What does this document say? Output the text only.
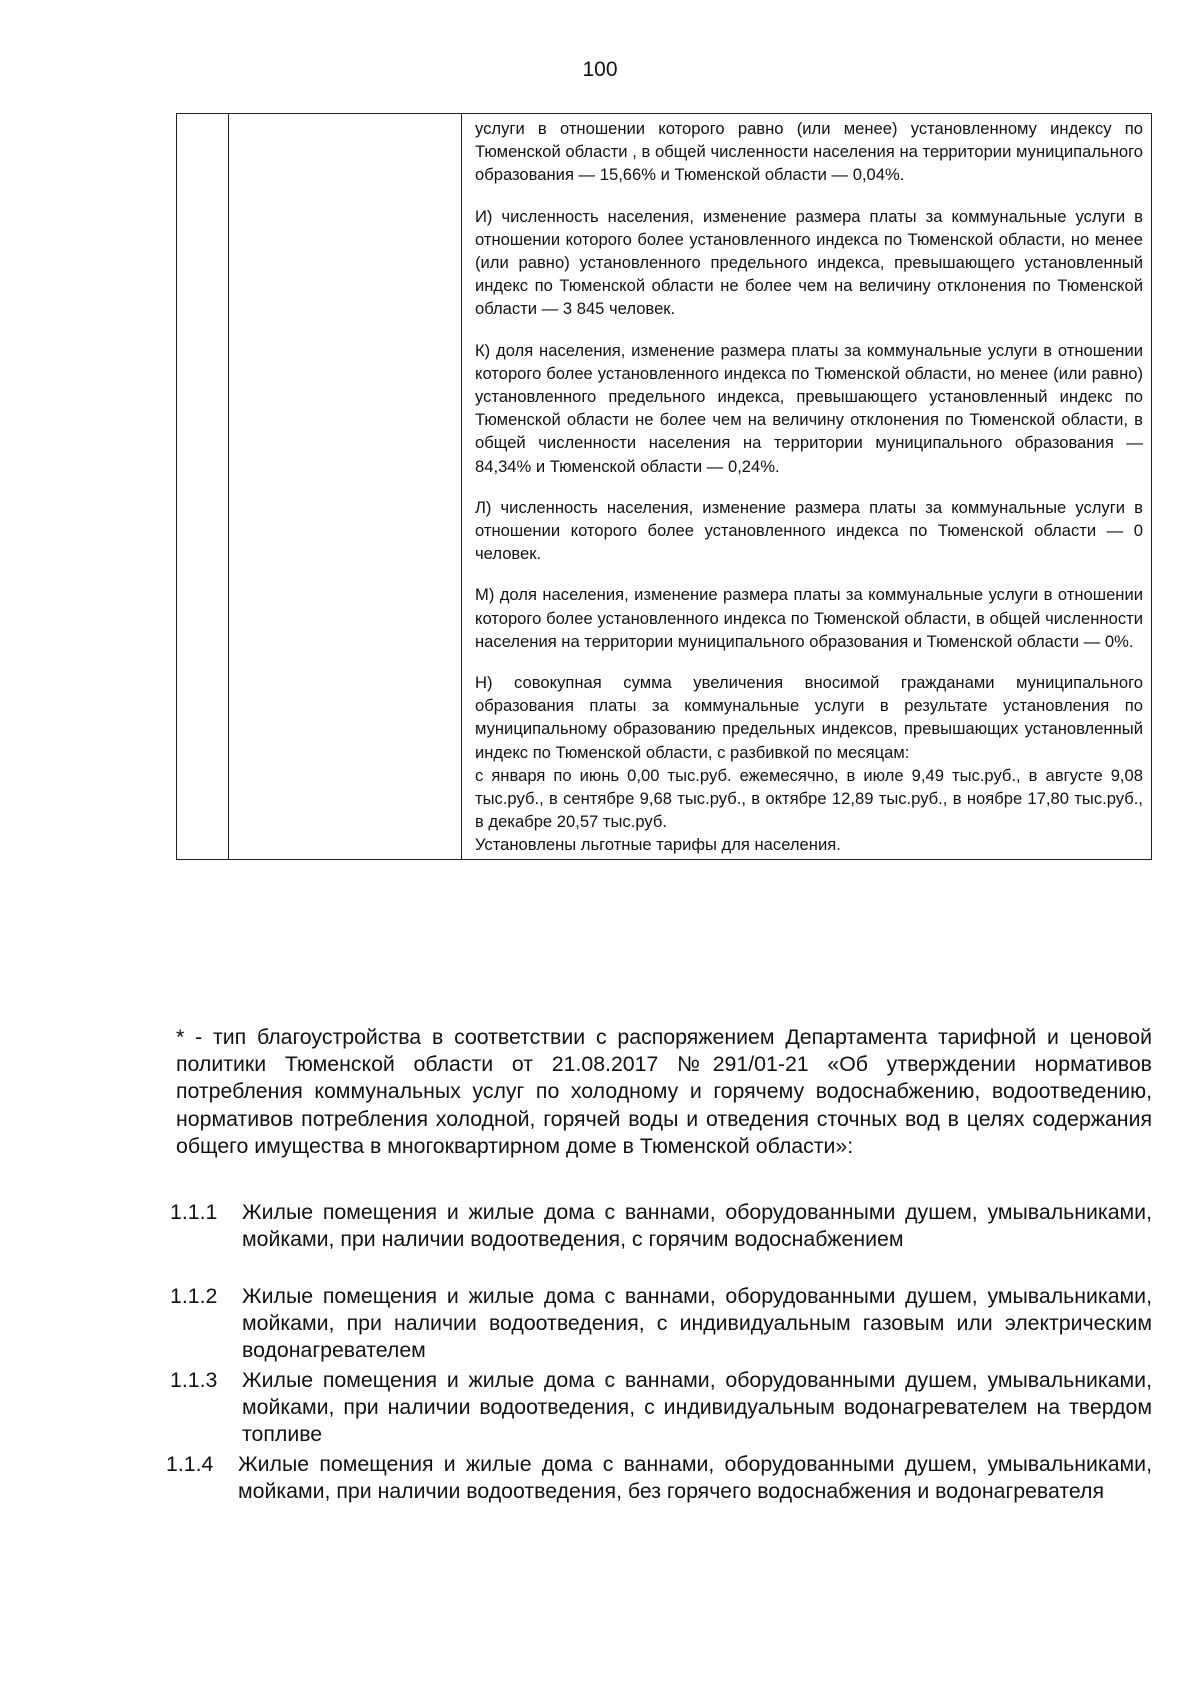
100

услуги в отношении которого равно (или менее) установленному индексу по Тюменской области , в общей численности населения на территории муниципального образования — 15,66% и Тюменской области — 0,04%.

И) численность населения, изменение размера платы за коммунальные услуги в отношении которого более установленного индекса по Тюменской области, но менее (или равно) установленного предельного индекса, превышающего установленный индекс по Тюменской области не более чем на величину отклонения по Тюменской области — 3 845 человек.

К) доля населения, изменение размера платы за коммунальные услуги в отношении которого более установленного индекса по Тюменской области, но менее (или равно) установленного предельного индекса, превышающего установленный индекс по Тюменской области не более чем на величину отклонения по Тюменской области, в общей численности населения на территории муниципального образования — 84,34% и Тюменской области — 0,24%.

Л) численность населения, изменение размера платы за коммунальные услуги в отношении которого более установленного индекса по Тюменской области — 0 человек.

М) доля населения, изменение размера платы за коммунальные услуги в отношении которого более установленного индекса по Тюменской области, в общей численности населения на территории муниципального образования и Тюменской области — 0%.

Н) совокупная сумма увеличения вносимой гражданами муниципального образования платы за коммунальные услуги в результате установления по муниципальному образованию предельных индексов, превышающих установленный индекс по Тюменской области, с разбивкой по месяцам:

с января по июнь 0,00 тыс.руб. ежемесячно, в июле 9,49 тыс.руб., в августе 9,08 тыс.руб., в сентябре 9,68 тыс.руб., в октябре 12,89 тыс.руб., в ноябре 17,80 тыс.руб., в декабре 20,57 тыс.руб.

Установлены льготные тарифы для населения.

* - тип благоустройства в соответствии с распоряжением Департамента тарифной и ценовой политики Тюменской области от 21.08.2017 №291/01-21 «Об утверждении нормативов потребления коммунальных услуг по холодному и горячему водоснабжению, водоотведению, нормативов потребления холодной, горячей воды и отведения сточных вод в целях содержания общего имущества в многоквартирном доме в Тюменской области»:
1.1.1	Жилые помещения и жилые дома с ваннами, оборудованными душем, умывальниками, мойками, при наличии водоотведения, с горячим водоснабжением
1.1.2	Жилые помещения и жилые дома с ваннами, оборудованными душем, умывальниками, мойками, при наличии водоотведения, с индивидуальным газовым или электрическим водонагревателем
1.1.3	Жилые помещения и жилые дома с ваннами, оборудованными душем, умывальниками, мойками, при наличии водоотведения, с индивидуальным водонагревателем на твердом топливе
1.1.4	Жилые помещения и жилые дома с ваннами, оборудованными душем, умывальниками, мойками, при наличии водоотведения, без горячего водоснабжения и водонагревателя
